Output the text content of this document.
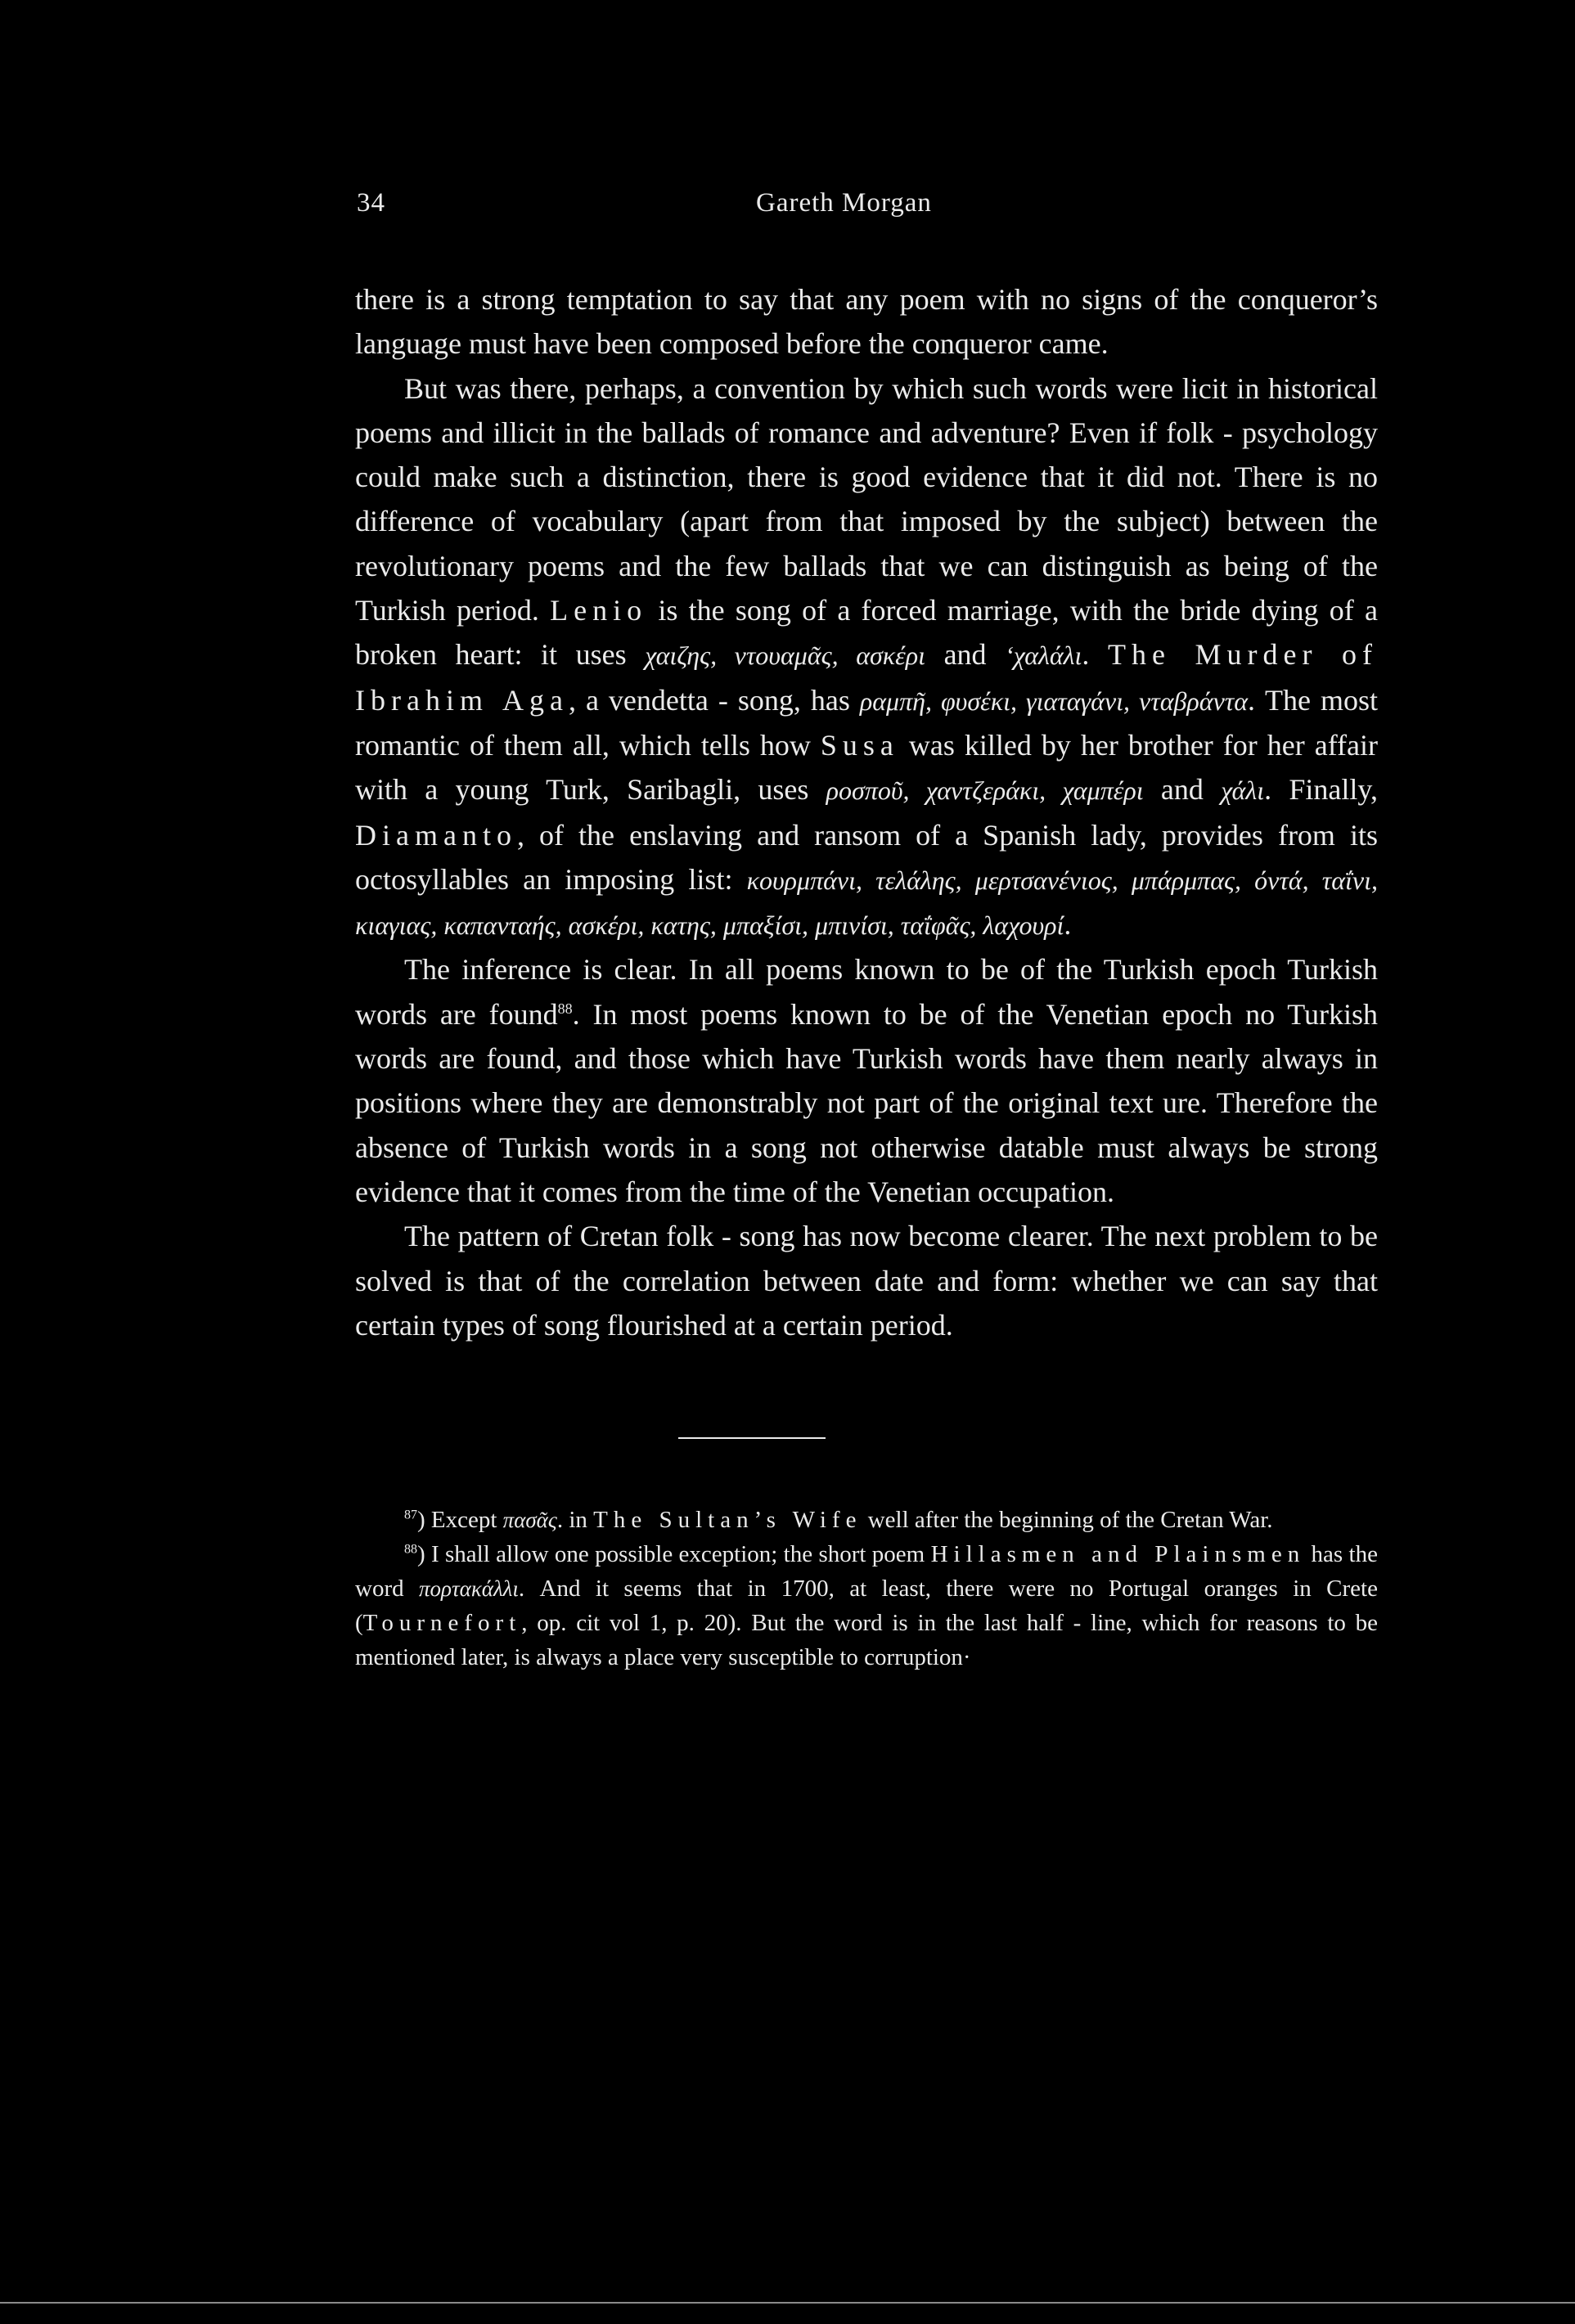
34	Gareth Morgan

there is a strong temptation to say that any poem with no signs of the conqueror’s language must have been composed before the conqueror came.

But was there, perhaps, a convention by which such words were licit in historical poems and illicit in the ballads of romance and adventure? Even if folk - psychology could make such a distinction, there is good evidence that it did not. There is no difference of vocabulary (apart from that imposed by the subject) between the revolutionary poems and the few ballads that we can distinguish as being of the Turkish period. Lenio is the song of a forced marriage, with the bride dying of a broken heart: it uses χαιζης, ντουαμᾶς, ασκέρι and ‘χαλάλι. The Murder of Ibrahim Aga, a vendetta - song, has ραμπῆ, φυσέκι, γιαταγάνι, νταβράντα. The most romantic of them all, which tells how Susa was killed by her brother for her affair with a young Turk, Saribagli, uses ροσποῦ, χαντζεράκι, χαμπέρι and χάλι. Finally, Diamanto, of the enslaving and ransom of a Spanish lady, provides from its octosyllables an imposing list: κουρμπάνι, τελάλης, μερτσανένιος, μπάρμπας, όντά, ταΐνι, κιαγιας, καπανταής, ασκέρι, κατης, μπαξίσι, μπινίσι, ταΐφᾶς, λαχουρί.

The inference is clear. In all poems known to be of the Turkish epoch Turkish words are found$^{88}$. In most poems known to be of the Venetian epoch no Turkish words are found, and those which have Turkish words have them nearly always in positions where they are demonstrably not part of the original text ure. Therefore the absence of Turkish words in a song not otherwise datable must always be strong evidence that it comes from the time of the Venetian occupation.

The pattern of Cretan folk - song has now become clearer. The next problem to be solved is that of the correlation between date and form: whether we can say that certain types of song flourished at a certain period.

$^{87}$) Except πασᾶς. in The Sultan’s Wife well after the beginning of the Cretan War.

$^{88}$) I shall allow one possible exception; the short poem Hillasmen and Plainsmen has the word πορτακάλλι. And it seems that in 1700, at least, there were no Portugal oranges in Crete (Tournefort, op. cit vol 1, p. 20). But the word is in the last half - line, which for reasons to be mentioned later, is always a place very susceptible to corruption·
